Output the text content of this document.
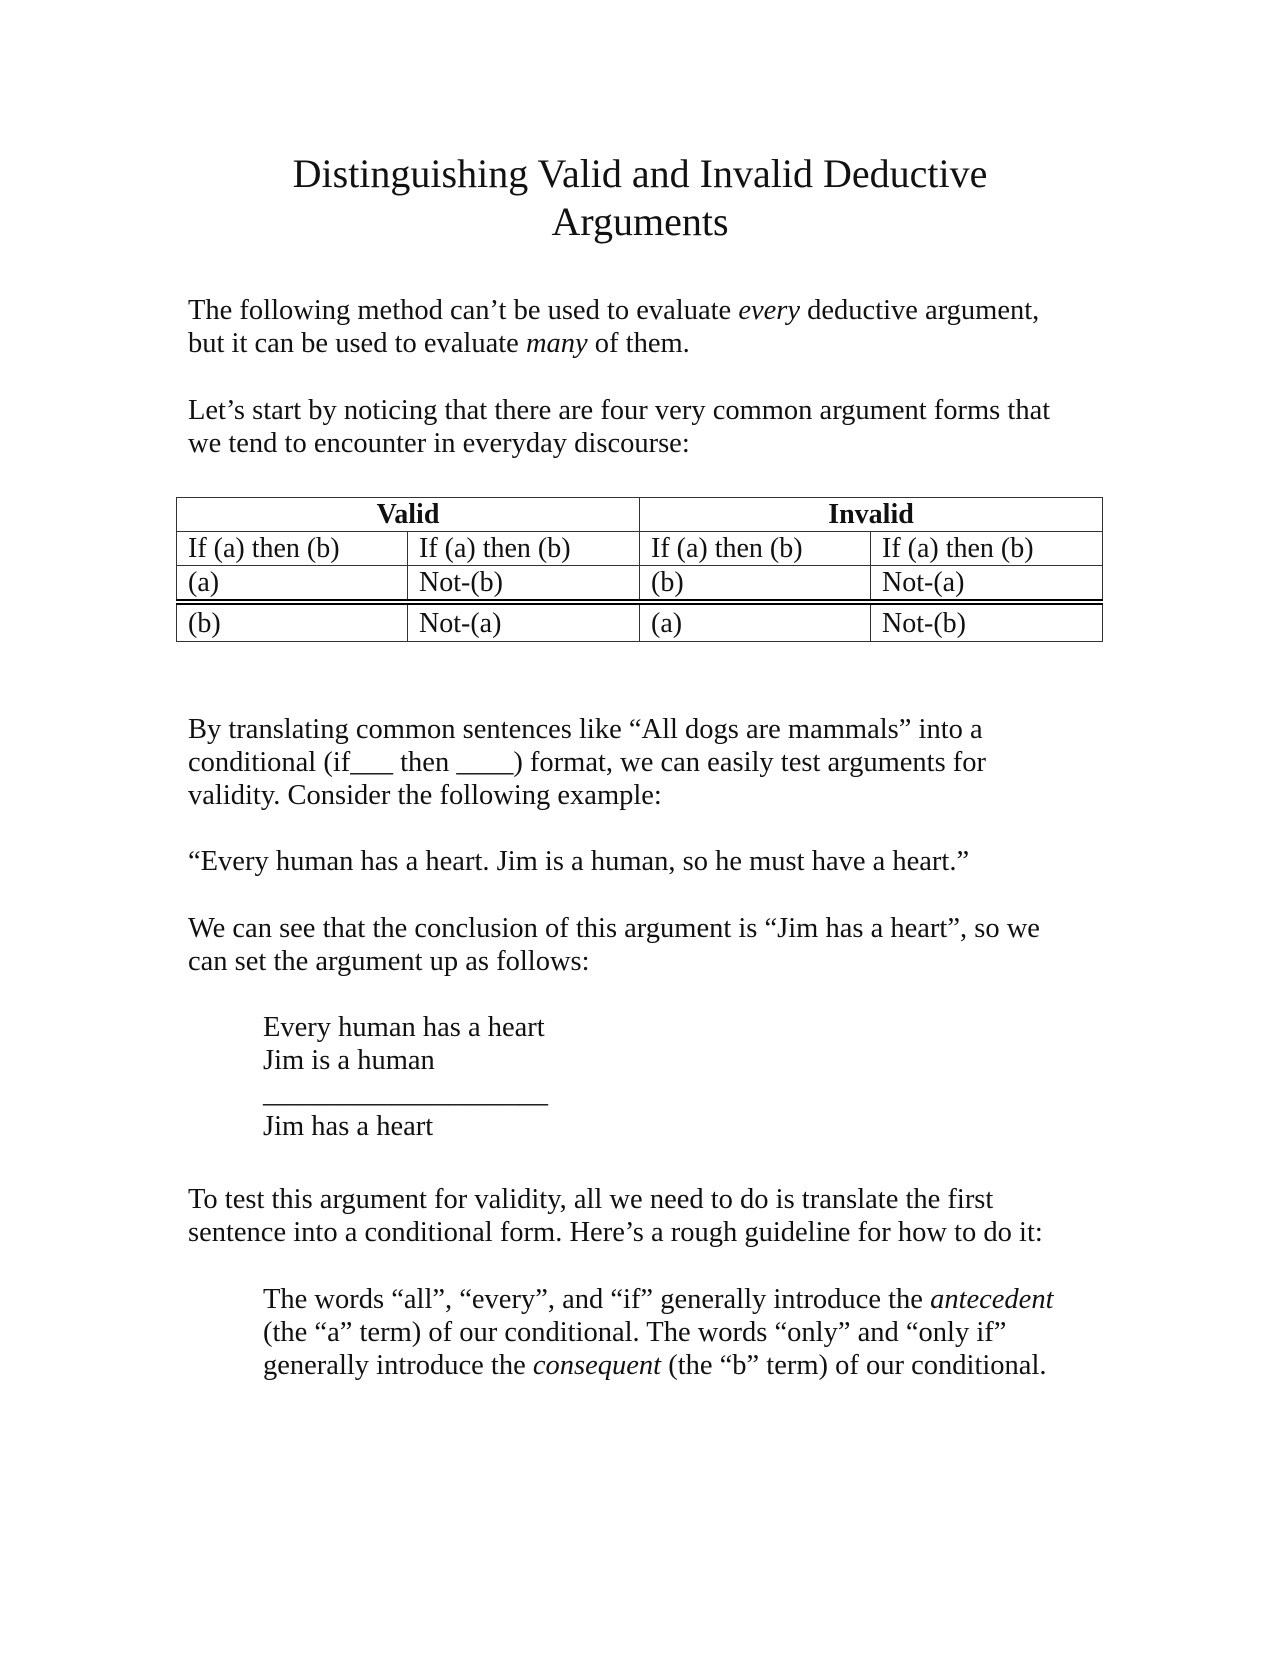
Distinguishing Valid and Invalid Deductive
Arguments

The following method can’t be used to evaluate every deductive argument,
but it can be used to evaluate many of them.

Let’s start by noticing that there are four very common argument forms that
we tend to encounter in everyday discourse:

Valid		Invalid	
If (a) then (b)	If (a) then (b)	If (a) then (b)	If (a) then (b)
(a)	Not-(b)	(b)	Not-(a)
(b)	Not-(a)	(a)	Not-(b)

By translating common sentences like “All dogs are mammals” into a
conditional (if___ then ____) format, we can easily test arguments for
validity. Consider the following example:

“Every human has a heart. Jim is a human, so he must have a heart.”

We can see that the conclusion of this argument is “Jim has a heart”, so we
can set the argument up as follows:

Every human has a heart
Jim is a human
____________________
Jim has a heart

To test this argument for validity, all we need to do is translate the first
sentence into a conditional form. Here’s a rough guideline for how to do it:

The words “all”, “every”, and “if” generally introduce the antecedent
(the “a” term) of our conditional. The words “only” and “only if”
generally introduce the consequent (the “b” term) of our conditional.
